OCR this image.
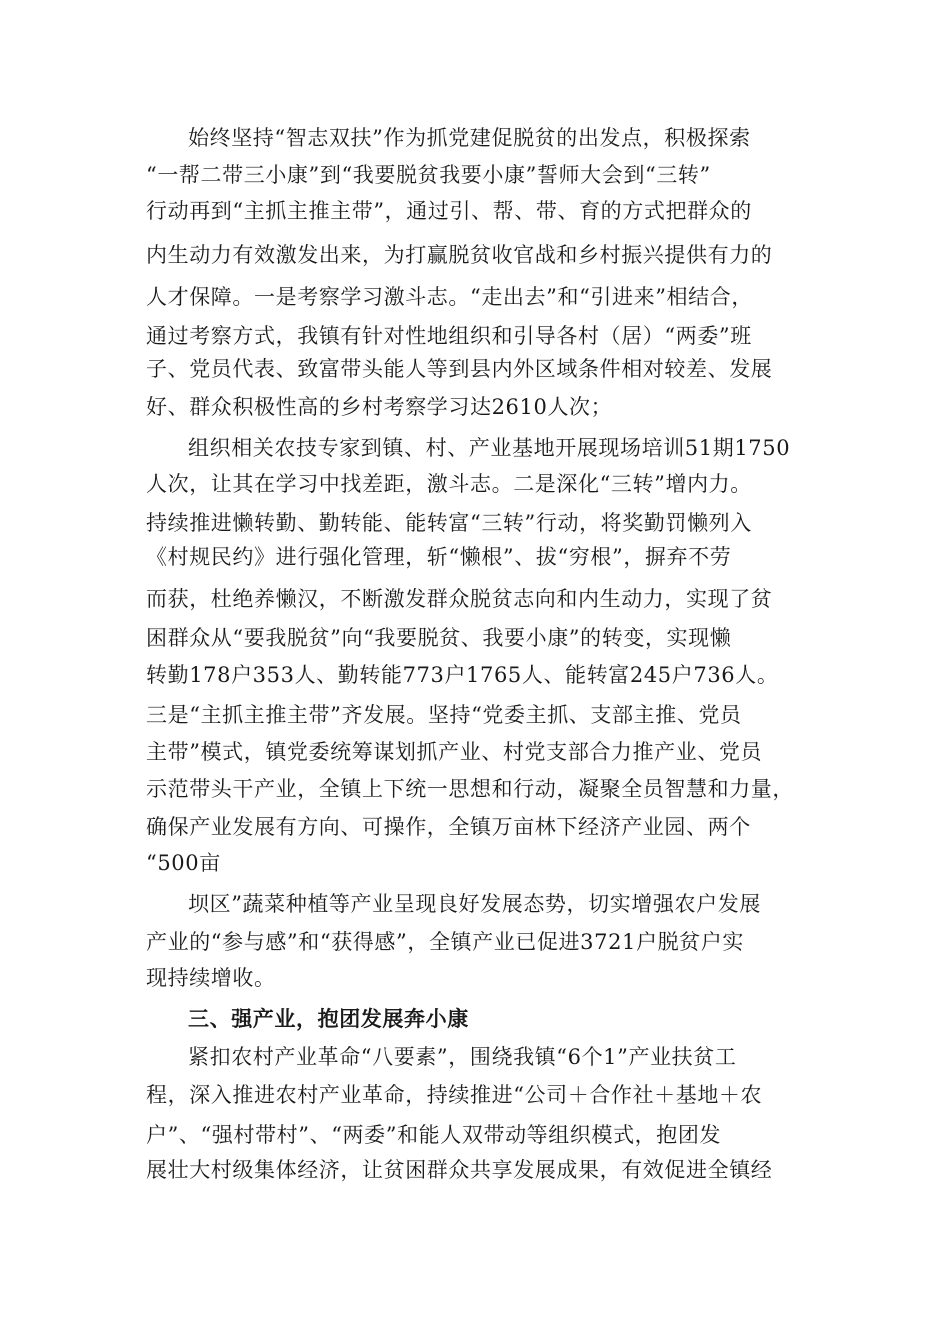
始终坚持“智志双扶”作为抓党建促脱贫的出发点，积极探索
“一帮二带三小康”到“我要脱贫我要小康”誓师大会到“三转”
行动再到“主抓主推主带”，通过引、帮、带、育的方式把群众的
内生动力有效激发出来，为打赢脱贫收官战和乡村振兴提供有力的
人才保障。一是考察学习激斗志。“走出去”和“引进来”相结合，
通过考察方式，我镇有针对性地组织和引导各村（居）“两委”班
子、党员代表、致富带头能人等到县内外区域条件相对较差、发展
好、群众积极性高的乡村考察学习达2610人次；
组织相关农技专家到镇、村、产业基地开展现场培训51期1750
人次，让其在学习中找差距，激斗志。二是深化“三转”增内力。
持续推进懒转勤、勤转能、能转富“三转”行动，将奖勤罚懒列入
《村规民约》进行强化管理，斩“懒根”、拔“穷根”，摒弃不劳
而获，杜绝养懒汉，不断激发群众脱贫志向和内生动力，实现了贫
困群众从“要我脱贫”向“我要脱贫、我要小康”的转变，实现懒
转勤178户353人、勤转能773户1765人、能转富245户736人。
三是“主抓主推主带”齐发展。坚持“党委主抓、支部主推、党员
主带”模式，镇党委统筹谋划抓产业、村党支部合力推产业、党员
示范带头干产业，全镇上下统一思想和行动，凝聚全员智慧和力量，
确保产业发展有方向、可操作，全镇万亩林下经济产业园、两个
“500亩
坝区”蔬菜种植等产业呈现良好发展态势，切实增强农户发展
产业的“参与感”和“获得感”，全镇产业已促进3721户脱贫户实
现持续增收。
三、强产业，抱团发展奔小康
紧扣农村产业革命“八要素”，围绕我镇“6个1”产业扶贫工
程，深入推进农村产业革命，持续推进“公司＋合作社＋基地＋农
户”、“强村带村”、“两委”和能人双带动等组织模式，抱团发
展壮大村级集体经济，让贫困群众共享发展成果，有效促进全镇经
